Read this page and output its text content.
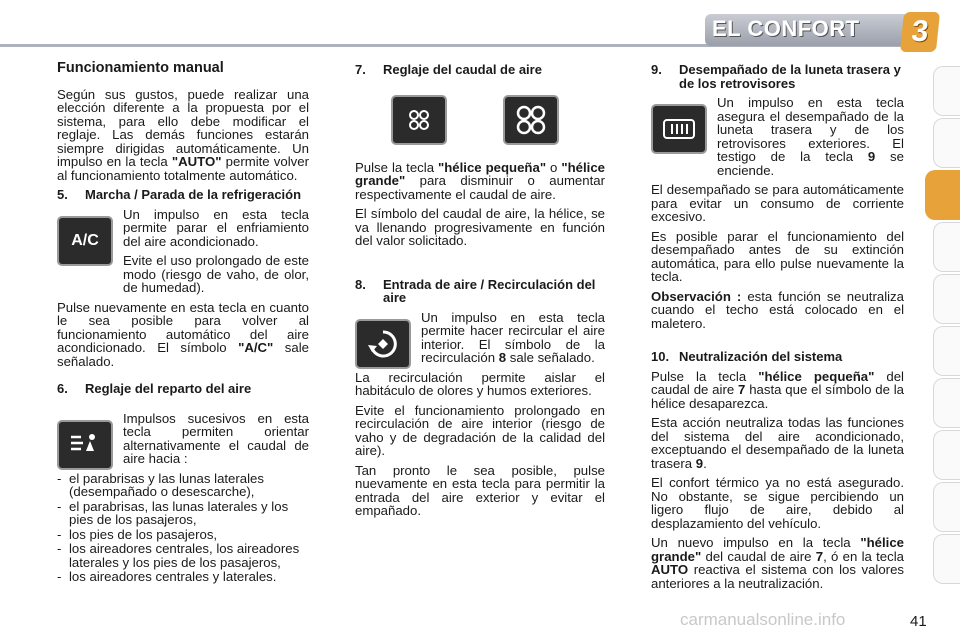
EL CONFORT	3
Funcionamiento manual

Según sus gustos, puede realizar una elección diferente a la propuesta por el sistema, para ello debe modificar el reglaje. Las demás funciones estarán siempre dirigidas automáticamente. Un impulso en la tecla "AUTO" permite volver al funcionamiento totalmente automático.

5.	Marcha / Parada de la refrigeración
A/C

Un impulso en esta tecla permite parar el enfriamiento del aire acondicionado.

Evite el uso prolongado de este modo (riesgo de vaho, de olor, de humedad).

Pulse nuevamente en esta tecla en cuanto le sea posible para volver al funcionamiento automático del aire acondicionado. El símbolo "A/C" sale señalado.

6.	Reglaje del reparto del aire

Impulsos sucesivos en esta tecla permiten orientar alternativamente el caudal de aire hacia :

- el parabrisas y las lunas laterales (desempañado o desescarche),
- el parabrisas, las lunas laterales y los pies de los pasajeros,
- los pies de los pasajeros,
- los aireadores centrales, los aireadores laterales y los pies de los pasajeros,
- los aireadores centrales y laterales.
7.	Reglaje del caudal de aire

Pulse la tecla "hélice pequeña" o "hélice grande" para disminuir o aumentar respectivamente el caudal de aire.

El símbolo del caudal de aire, la hélice, se va llenando progresivamente en función del valor solicitado.

8.	Entrada de aire / Recirculación del aire

Un impulso en esta tecla permite hacer recircular el aire interior. El símbolo de la recirculación 8 sale señalado.

La recirculación permite aislar el habitáculo de olores y humos exteriores.

Evite el funcionamiento prolongado en recirculación de aire interior (riesgo de vaho y de degradación de la calidad del aire).

Tan pronto le sea posible, pulse nuevamente en esta tecla para permitir la entrada del aire exterior y evitar el empañado.

9.	Desempañado de la luneta trasera y de los retrovisores

Un impulso en esta tecla asegura el desempañado de la luneta trasera y de los retrovisores exteriores. El testigo de la tecla 9 se enciende.

El desempañado se para automáticamente para evitar un consumo de corriente excesivo.

Es posible parar el funcionamiento del desempañado antes de su extinción automática, para ello pulse nuevamente la tecla.

Observación : esta función se neutraliza cuando el techo está colocado en el maletero.

10. Neutralización del sistema

Pulse la tecla "hélice pequeña" del caudal de aire 7 hasta que el símbolo de la hélice desaparezca.

Esta acción neutraliza todas las funciones del sistema del aire acondicionado, exceptuando el desempañado de la luneta trasera 9.

El confort térmico ya no está asegurado. No obstante, se sigue percibiendo un ligero flujo de aire, debido al desplazamiento del vehículo.

Un nuevo impulso en la tecla "hélice grande" del caudal de aire 7, ó en la tecla AUTO reactiva el sistema con los valores anteriores a la neutralización.

carmanualsonline.info	41
